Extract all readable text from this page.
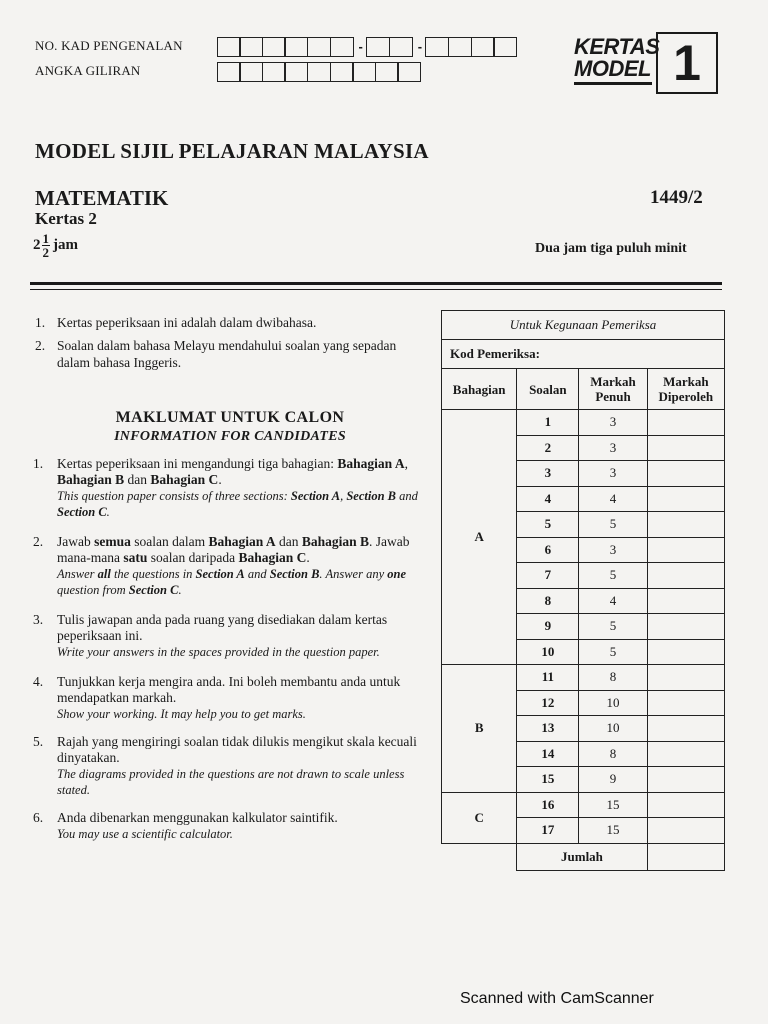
NO. KAD PENGENALAN	-	-
ANGKA GILIRAN
KERTAS
MODEL 1
MODEL SIJIL PELAJARAN MALAYSIA
MATEMATIK	1449/2
Kertas 2
$2 \frac{1}{2}$ jam	Dua jam tiga puluh minit
1. Kertas peperiksaan ini adalah dalam dwibahasa.
2. Soalan dalam bahasa Melayu mendahului soalan yang sepadan dalam bahasa Inggeris.
MAKLUMAT UNTUK CALON
INFORMATION FOR CANDIDATES
1.	Kertas peperiksaan ini mengandungi tiga bahagian: Bahagian A, Bahagian B dan Bahagian C.
This question paper consists of three sections: Section A, Section B and Section C.
2.	Jawab semua soalan dalam Bahagian A dan Bahagian B. Jawab mana-mana satu soalan daripada Bahagian C.
Answer all the questions in Section A and Section B. Answer any one question from Section C.
3.	Tulis jawapan anda pada ruang yang disediakan dalam kertas peperiksaan ini.
Write your answers in the spaces provided in the question paper.
4.	Tunjukkan kerja mengira anda. Ini boleh membantu anda untuk mendapatkan markah.
Show your working. It may help you to get marks.
5.	Rajah yang mengiringi soalan tidak dilukis mengikut skala kecuali dinyatakan.
The diagrams provided in the questions are not drawn to scale unless stated.
6.	Anda dibenarkan menggunakan kalkulator saintifik.
You may use a scientific calculator.
Untuk Kegunaan Pemeriksa			
Kod Pemeriksa:			
Bahagian	Soalan	Markah Penuh	Markah Diperoleh
A	1	3	
	2	3	
	3	3	
	4	4	
	5	5	
	6	3	
	7	5	
	8	4	
	9	5	
	10	5	
B	11	8	
	12	10	
	13	10	
	14	8	
	15	9	
C	16	15	
	17	15	
	Jumlah		
Scanned with CamScanner
